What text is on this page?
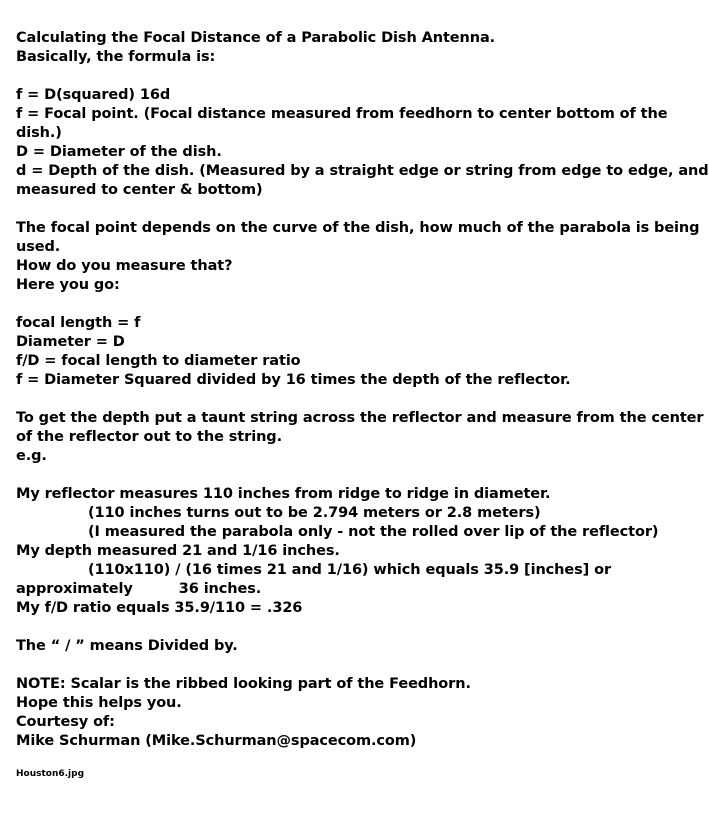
Calculating the Focal Distance of a Parabolic Dish Antenna.
Basically, the formula is:
f = D(squared) 16d
f = Focal point. (Focal distance measured from feedhorn to center bottom of the
dish.)
D = Diameter of the dish.
d = Depth of the dish. (Measured by a straight edge or string from edge to edge, and
measured to center & bottom)
The focal point depends on the curve of the dish, how much of the parabola is being
used.
How do you measure that?
Here you go:
focal length = f
Diameter = D
f/D = focal length to diameter ratio
f = Diameter Squared divided by 16 times the depth of the reflector.
To get the depth put a taunt string across the reflector and measure from the center
of the reflector out to the string.
e.g.
My reflector measures 110 inches from ridge to ridge in diameter.
(110 inches turns out to be 2.794 meters or 2.8 meters)
(I measured the parabola only - not the rolled over lip of the reflector)
My depth measured 21 and 1/16 inches.
(110x110) / (16 times 21 and 1/16) which equals 35.9 [inches] or
approximately	36 inches.
My f/D ratio equals 35.9/110 = .326
The “ / ” means Divided by.
NOTE: Scalar is the ribbed looking part of the Feedhorn.
Hope this helps you.
Courtesy of:
Mike Schurman (Mike.Schurman@spacecom.com)
Houston6.jpg
